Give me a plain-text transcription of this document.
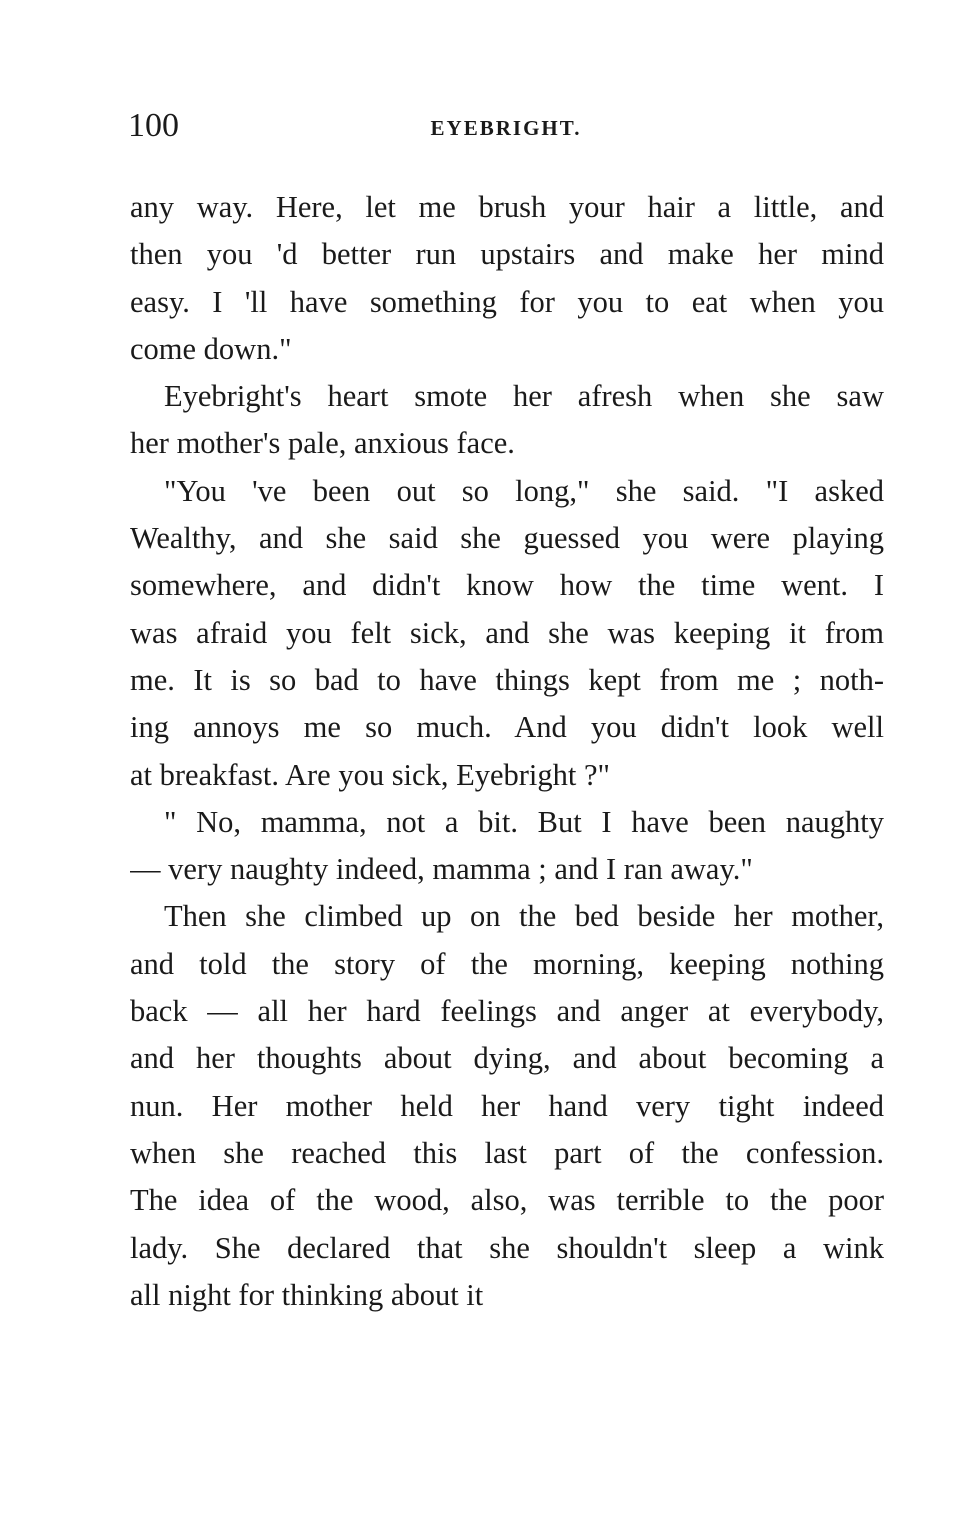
100	EYEBRIGHT.
any way. Here, let me brush your hair a little, and
then you 'd better run upstairs and make her mind
easy. I 'll have something for you to eat when you
come down."
Eyebright's heart smote her afresh when she saw
her mother's pale, anxious face.
"You 've been out so long," she said. "I asked
Wealthy, and she said she guessed you were playing
somewhere, and didn't know how the time went. I
was afraid you felt sick, and she was keeping it from
me. It is so bad to have things kept from me ; noth-
ing annoys me so much. And you didn't look well
at breakfast. Are you sick, Eyebright ?"
" No, mamma, not a bit. But I have been naughty
— very naughty indeed, mamma ; and I ran away."
Then she climbed up on the bed beside her mother,
and told the story of the morning, keeping nothing
back — all her hard feelings and anger at everybody,
and her thoughts about dying, and about becoming a
nun. Her mother held her hand very tight indeed
when she reached this last part of the confession.
The idea of the wood, also, was terrible to the poor
lady. She declared that she shouldn't sleep a wink
all night for thinking about it
